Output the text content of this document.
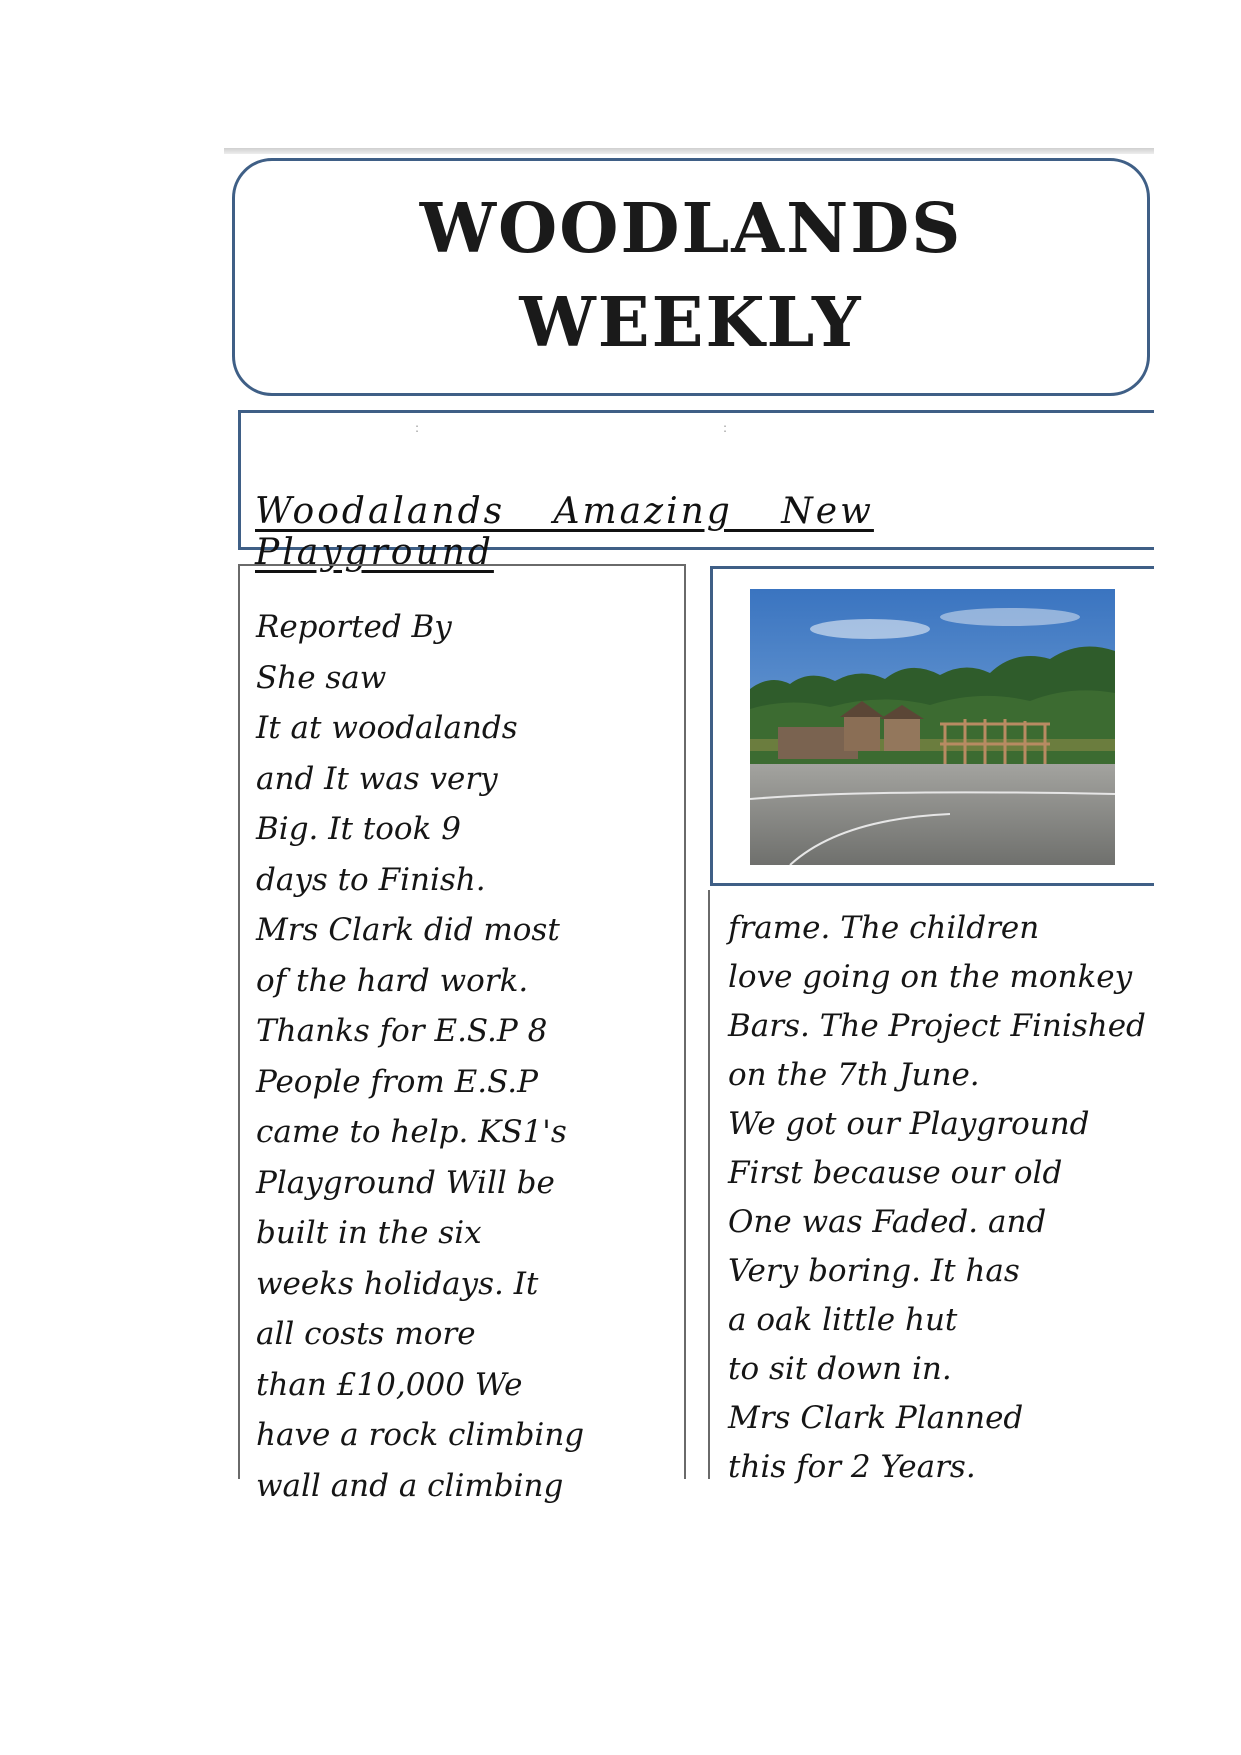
WOODLANDS
WEEKLY
:	:
Woodalands Amazing New Playground
Reported By
She saw
It at woodalands
and It was very
Big. It took 9
days to Finish.
Mrs Clark did most
of the hard work.
Thanks for E.S.P 8
People from E.S.P
came to help. KS1's
Playground Will be
built in the six
weeks holidays. It
all costs more
than £10,000 We
have a rock climbing
wall and a climbing
frame. The children
love going on the monkey
Bars. The Project Finished
on the 7th June.
We got our Playground
First because our old
One was Faded. and
Very boring. It has
a oak little hut
to sit down in.
Mrs Clark Planned
this for 2 Years.
